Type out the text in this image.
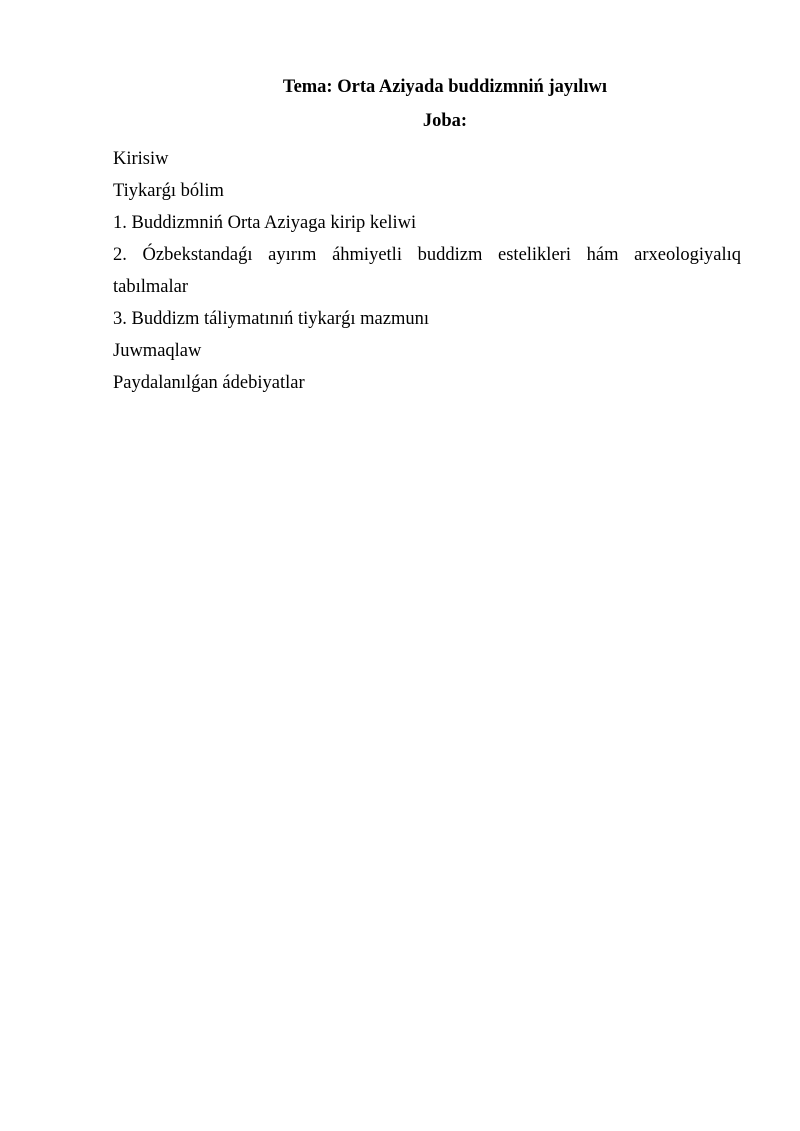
Tema: Orta Aziyada buddizmniń jayılıwı
Joba:
Kirisiw
Tiykarǵı bólim
1. Buddizmniń Orta Aziyaga kirip keliwi
2. Ózbekstandaǵı ayırım áhmiyetli buddizm estelikleri hám arxeologiyalıq tabılmalar
3. Buddizm táliymatınıń tiykarǵı mazmunı
Juwmaqlaw
Paydalanılǵan ádebiyatlar
